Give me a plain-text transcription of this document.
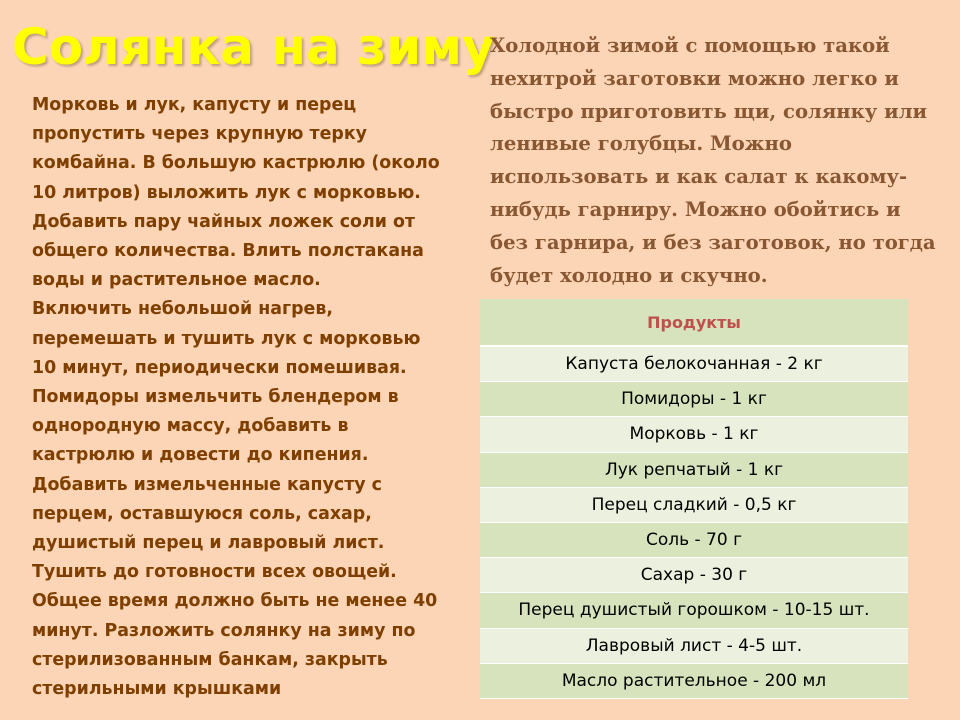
Солянка на зиму
Морковь и лук, капусту и перец
пропустить через крупную терку
комбайна. В большую кастрюлю (около
10 литров) выложить лук с морковью.
Добавить пару чайных ложек соли от
общего количества. Влить полстакана
воды и растительное масло.
Включить небольшой нагрев,
перемешать и тушить лук с морковью
10 минут, периодически помешивая.
Помидоры измельчить блендером в
однородную массу, добавить в
кастрюлю и довести до кипения.
Добавить измельченные капусту с
перцем, оставшуюся соль, сахар,
душистый перец и лавровый лист.
Тушить до готовности всех овощей.
Общее время должно быть не менее 40
минут. Разложить солянку на зиму по
стерилизованным банкам, закрыть
стерильными крышками
Холодной зимой с помощью такой
нехитрой заготовки можно легко и
быстро приготовить щи, солянку или
ленивые голубцы. Можно
использовать и как салат к какому-
нибудь гарниру. Можно обойтись и
без гарнира, и без заготовок, но тогда
будет холодно и скучно.
Продукты
Капуста белокочанная - 2 кг
Помидоры - 1 кг
Морковь - 1 кг
Лук репчатый - 1 кг
Перец сладкий - 0,5 кг
Соль - 70 г
Сахар - 30 г
Перец душистый горошком - 10-15 шт.
Лавровый лист - 4-5 шт.
Масло растительное - 200 мл
